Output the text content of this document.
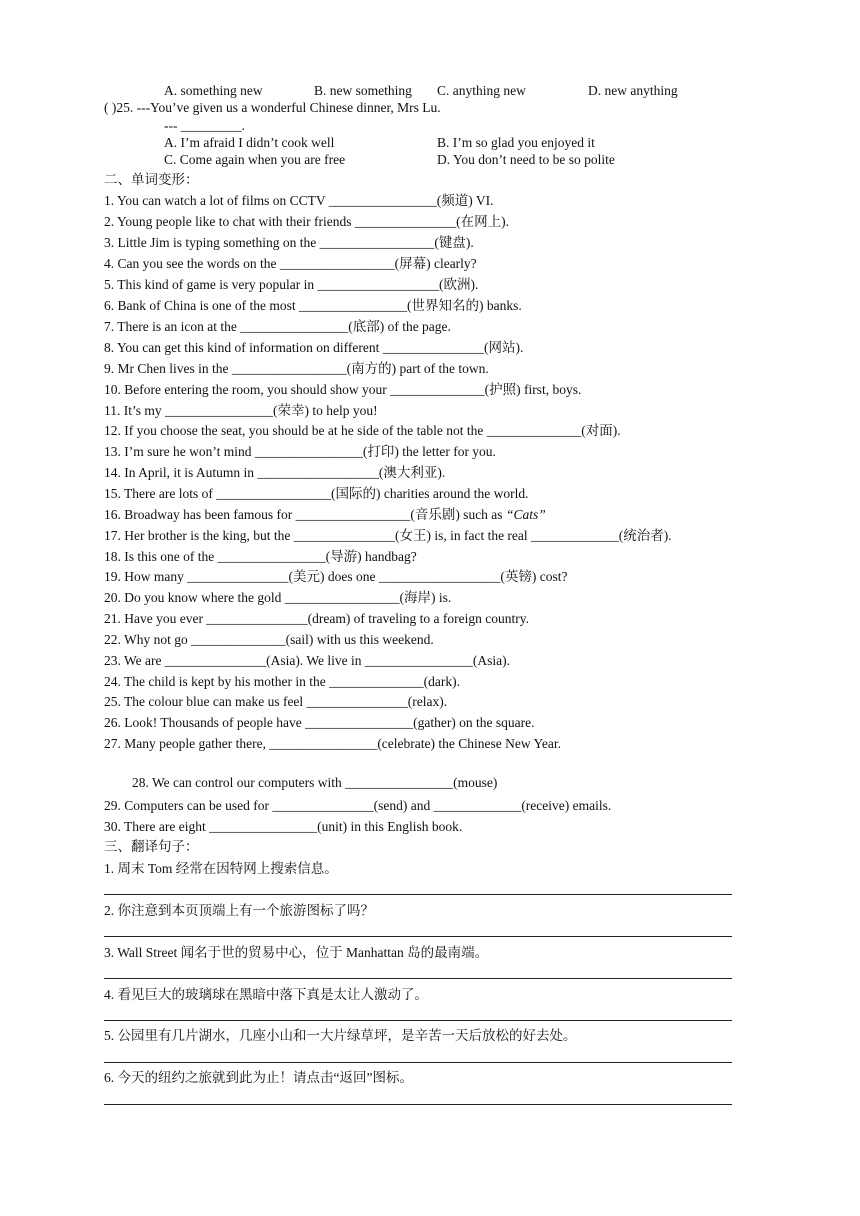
A. something new	B. new something C. anything new	D. new anything
( )25. ---You’ve given us a wonderful Chinese dinner, Mrs Lu.
--- _________.
A. I’m afraid I didn’t cook well	B. I’m so glad you enjoyed it
C. Come again when you are free	D. You don’t need to be so polite
二、单词变形：
1. You can watch a lot of films on CCTV ________________(频道) VI.
2. Young people like to chat with their friends _______________(在网上).
3. Little Jim is typing something on the _________________(键盘).
4. Can you see the words on the _________________(屏幕) clearly?
5. This kind of game is very popular in __________________(欧洲).
6. Bank of China is one of the most ________________(世界知名的) banks.
7. There is an icon at the ________________(底部) of the page.
8. You can get this kind of information on different _______________(网站).
9. Mr Chen lives in the _________________(南方的) part of the town.
10. Before entering the room, you should show your ______________(护照) first, boys.
11. It’s my ________________(荣幸) to help you!
12. If you choose the seat, you should be at he side of the table not the ______________(对面).
13. I’m sure he won’t mind ________________(打印) the letter for you.
14. In April, it is Autumn in __________________(澳大利亚).
15. There are lots of _________________(国际的) charities around the world.
16. Broadway has been famous for _________________(音乐剧) such as “Cats”
17. Her brother is the king, but the _______________(女王) is, in fact the real _____________(统治者).
18. Is this one of the ________________(导游) handbag?
19. How many _______________(美元) does one __________________(英镑) cost?
20. Do you know where the gold _________________(海岸) is.
21. Have you ever _______________(dream) of traveling to a foreign country.
22. Why not go ______________(sail) with us this weekend.
23. We are _______________(Asia). We live in ________________(Asia).
24. The child is kept by his mother in the ______________(dark).
25. The colour blue can make us feel _______________(relax).
26. Look! Thousands of people have ________________(gather) on the square.
27. Many people gather there, ________________(celebrate) the Chinese New Year.
28. We can control our computers with ________________(mouse)
29. Computers can be used for _______________(send) and _____________(receive) emails.
30. There are eight ________________(unit) in this English book.
三、翻译句子：
1. 周末 Tom 经常在因特网上搜索信息。
2. 你注意到本页顶端上有一个旅游图标了吗？
3. Wall Street 闻名于世的贸易中心，位于 Manhattan 岛的最南端。
4. 看见巨大的玻璃球在黑暗中落下真是太让人激动了。
5. 公园里有几片湖水，几座小山和一大片绿草坪，是辛苦一天后放松的好去处。
6. 今天的纽约之旅就到此为止！请点击“返回”图标。
